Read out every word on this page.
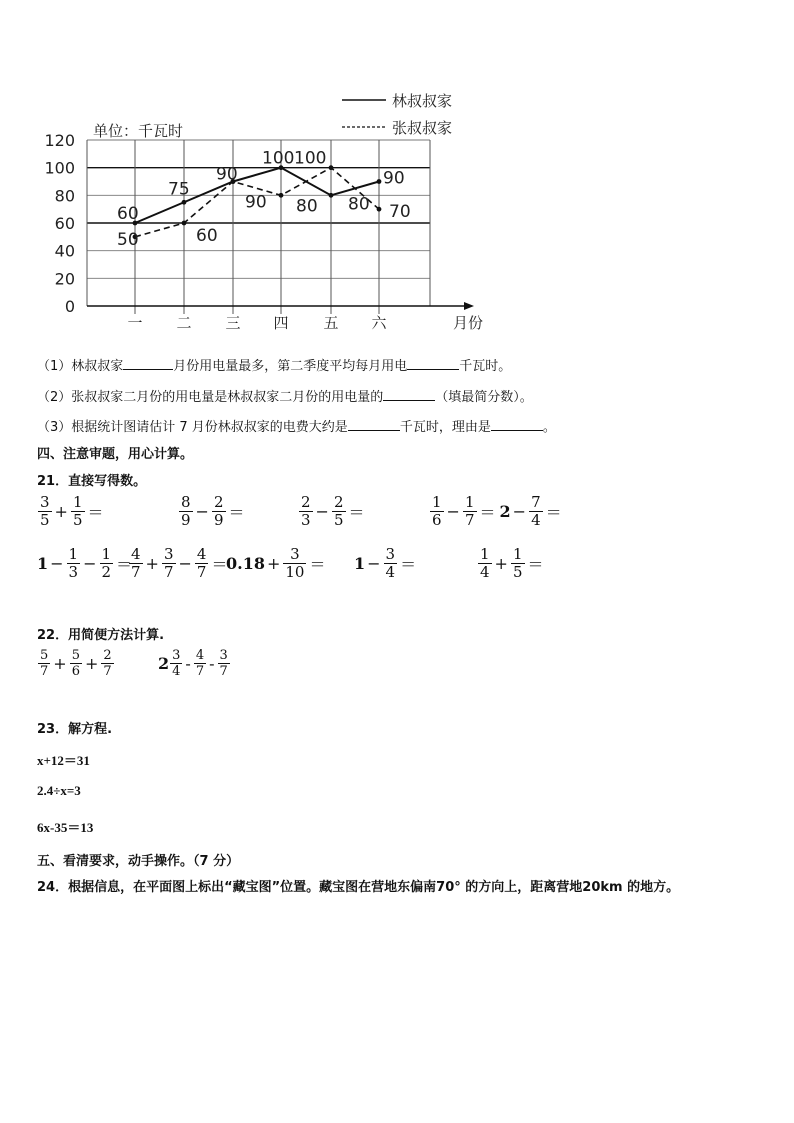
0
20
40
60
80
100
120
一 二 三 四 五 六	月份
单位：千瓦时
林叔叔家
张叔叔家
60
75
90
100
80
90
50	60
90 80
100
70
（1）林叔叔家	月份用电量最多，第二季度平均每月用电	千瓦时。
（2）张叔叔家二月份的用电量是林叔叔家二月份的用电量的	（填最简分数）。
（3）根据统计图请估计 7 月份林叔叔家的电费大约是	千瓦时，理由是	。
四、注意审题，用心计算。
21．直接写得数。
$\frac{3}{5} + \frac{1}{5}$ ＝	$\frac{8}{9} - \frac{2}{9}$ ＝	$\frac{2}{3} - \frac{2}{5}$ ＝	$\frac{1}{6} - \frac{1}{7} = 2 - \frac{7}{4}$ ＝
$1 - \frac{1}{3} - \frac{1}{2}$ ＝
$\frac{4}{7} + \frac{3}{7} - \frac{4}{7}$ ＝
$0.18 + \frac{3}{10} = 1 - \frac{3}{4}$ ＝	$\frac{1}{4} + \frac{1}{5}$ ＝
22．用简便方法计算.
$\frac{5}{7} + \frac{5}{6} + \frac{2}{7}$	$2 \frac{3}{4} - \frac{4}{7} - \frac{3}{7}$
23．解方程.
x+12＝31
2.4÷x=3
6x-35＝13
五、看清要求，动手操作。（7 分）
24．根据信息，在平面图上标出“藏宝图”位置。藏宝图在营地东偏南70° 的方向上，距离营地20km 的地方。
